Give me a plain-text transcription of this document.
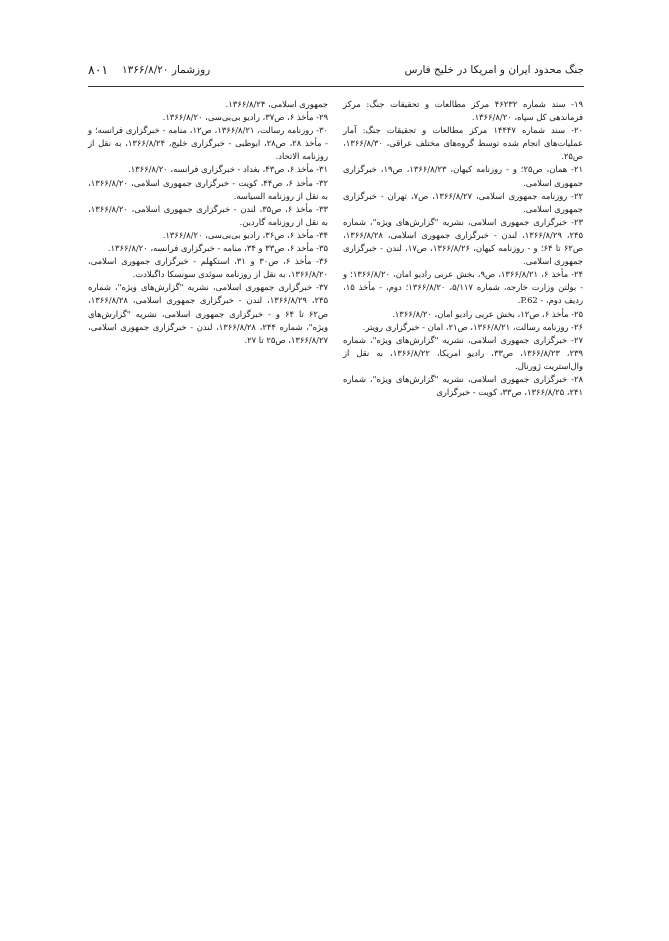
جنگ محدود ایران و امریکا در خلیج فارس
روزشمار ۱۳۶۶/۸/۲۰
۸۰۱

۱۹- سند شماره ۴۶۲۳۲ مرکز مطالعات و تحقیقات جنگ: مرکز فرماندهی کل سپاه، ۱۳۶۶/۸/۲۰.

۲۰- سند شماره ۱۴۴۴۷ مرکز مطالعات و تحقیقات جنگ: آمار عملیات‌های انجام شده توسط گروه‌های مختلف عراقی، ۱۳۶۶/۸/۳۰، ص۲۵.

۲۱- همان، ص۲۵؛ و - روزنامه کیهان، ۱۳۶۶/۸/۲۳، ص۱۹، خبرگزاری جمهوری اسلامی.

۲۲- روزنامه جمهوری اسلامی، ۱۳۶۶/۸/۲۷، ص۷، تهران - خبرگزاری جمهوری اسلامی.

۲۳- خبرگزاری جمهوری اسلامی، نشریه "گزارش‌های ویژه"، شماره ۲۴۵، ۱۳۶۶/۸/۲۹، لندن - خبرگزاری جمهوری اسلامی، ۱۳۶۶/۸/۲۸، ص۶۲ تا ۶۴؛ و - روزنامه کیهان، ۱۳۶۶/۸/۲۶، ص۱۷، لندن - خبرگزاری جمهوری اسلامی.

۲۴- مأخذ ۶، ۱۳۶۶/۸/۲۱، ص۹، بخش عربی رادیو امان، ۱۳۶۶/۸/۲۰؛ و - بولتن وزارت خارجه، شماره ۵/۱۱۷، ۱۳۶۶/۸/۲۰؛ دوم، - مأخذ ۱۵، ردیف دوم، - P.62.

۲۵- مأخذ ۶، ص۱۲، بخش عربی رادیو امان، ۱۳۶۶/۸/۲۰.

۲۶- روزنامه رسالت، ۱۳۶۶/۸/۲۱، ص۲۱، امان - خبرگزاری رویتر.

۲۷- خبرگزاری جمهوری اسلامی، نشریه "گزارش‌های ویژه"، شماره ۲۳۹، ۱۳۶۶/۸/۲۳، ص۳۳، رادیو امریکا، ۱۳۶۶/۸/۲۲، به نقل از وال‌استریت ژورنال.

۲۸- خبرگزاری جمهوری اسلامی، نشریه "گزارش‌های ویژه"، شماره ۲۴۱، ۱۳۶۶/۸/۲۵، ص۳۳، کویت - خبرگزاری

جمهوری اسلامی، ۱۳۶۶/۸/۲۴.

۲۹- مأخذ ۶، ص۳۷، رادیو بی‌بی‌سی، ۱۳۶۶/۸/۲۰.

۳۰- روزنامه رسالت، ۱۳۶۶/۸/۲۱، ص۱۲، منامه - خبرگزاری فرانسه؛ و - مأخذ ۲۸، ص۲۸، ابوظبی - خبرگزاری خلیج، ۱۳۶۶/۸/۲۴، به نقل از روزنامه الاتحاد.

۳۱- مأخذ ۶، ص۴۳، بغداد - خبرگزاری فرانسه، ۱۳۶۶/۸/۲۰.

۳۲- مأخذ ۶، ص۴۴، کویت - خبرگزاری جمهوری اسلامی، ۱۳۶۶/۸/۲۰، به نقل از روزنامه السیاسه.

۳۳- مأخذ ۶، ص۳۵، لندن - خبرگزاری جمهوری اسلامی، ۱۳۶۶/۸/۲۰، به نقل از روزنامه گاردین.

۳۴- مأخذ ۶، ص۳۶، رادیو بی‌بی‌سی، ۱۳۶۶/۸/۲۰.

۳۵- مأخذ ۶، ص۳۳ و ۳۴، منامه - خبرگزاری فرانسه، ۱۳۶۶/۸/۲۰.

۳۶- مأخذ ۶، ص۳۰ و ۳۱، استکهلم - خبرگزاری جمهوری اسلامی، ۱۳۶۶/۸/۲۰، به نقل از روزنامه سوئدی سونسکا داگبلادت.

۳۷- خبرگزاری جمهوری اسلامی، نشریه "گزارش‌های ویژه"، شماره ۲۴۵، ۱۳۶۶/۸/۲۹، لندن - خبرگزاری جمهوری اسلامی، ۱۳۶۶/۸/۲۸، ص۶۲ تا ۶۴ و - خبرگزاری جمهوری اسلامی، نشریه "گزارش‌های ویژه"، شماره ۲۴۴، ۱۳۶۶/۸/۲۸، لندن - خبرگزاری جمهوری اسلامی، ۱۳۶۶/۸/۲۷، ص۲۵ تا ۲۷.
